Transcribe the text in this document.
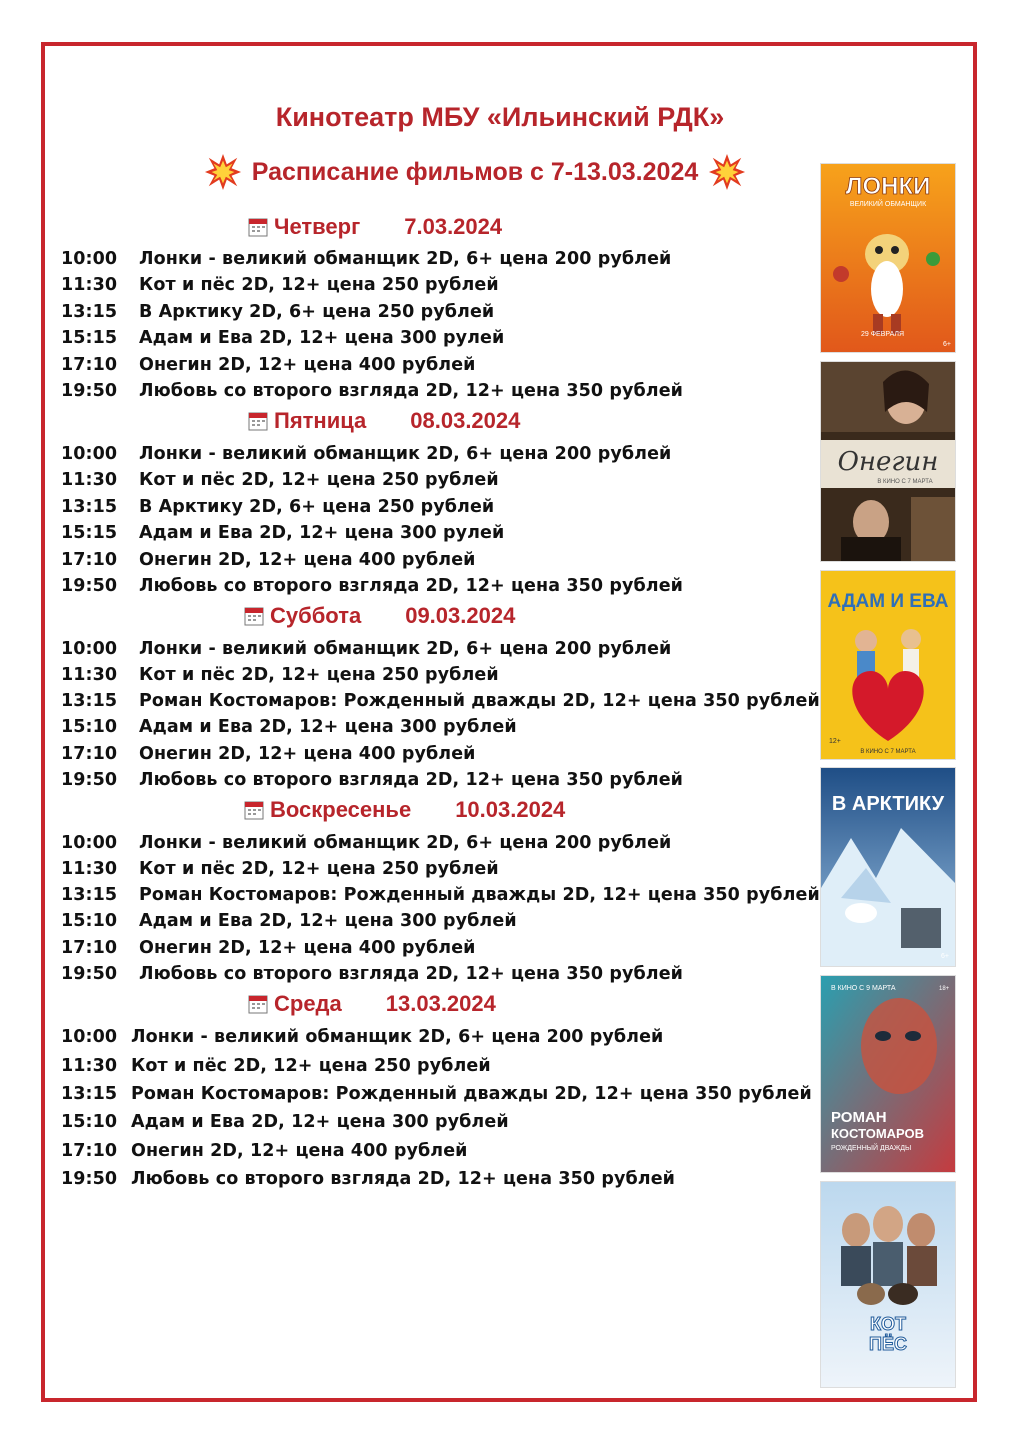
Кинотеатр МБУ «Ильинский РДК»
Расписание фильмов с 7-13.03.2024
Четверг 7.03.2024
10:00	Лонки - великий обманщик 2D, 6+ цена 200 рублей
11:30	Кот и пёс 2D, 12+ цена 250 рублей
13:15	В Арктику 2D, 6+ цена 250 рублей
15:15	Адам и Ева 2D, 12+ цена 300 рулей
17:10	Онегин 2D, 12+ цена 400 рублей
19:50	Любовь со второго взгляда 2D, 12+ цена 350 рублей
Пятница 08.03.2024
10:00	Лонки - великий обманщик 2D, 6+ цена 200 рублей
11:30	Кот и пёс 2D, 12+ цена 250 рублей
13:15	В Арктику 2D, 6+ цена 250 рублей
15:15	Адам и Ева 2D, 12+ цена 300 рулей
17:10	Онегин 2D, 12+ цена 400 рублей
19:50	Любовь со второго взгляда 2D, 12+ цена 350 рублей
Суббота 09.03.2024
10:00	Лонки - великий обманщик 2D, 6+ цена 200 рублей
11:30	Кот и пёс 2D, 12+ цена 250 рублей
13:15	Роман Костомаров: Рожденный дважды 2D, 12+ цена 350 рублей
15:10	Адам и Ева 2D, 12+ цена 300 рублей
17:10	Онегин 2D, 12+ цена 400 рублей
19:50	Любовь со второго взгляда 2D, 12+ цена 350 рублей
Воскресенье 10.03.2024
10:00	Лонки - великий обманщик 2D, 6+ цена 200 рублей
11:30	Кот и пёс 2D, 12+ цена 250 рублей
13:15	Роман Костомаров: Рожденный дважды 2D, 12+ цена 350 рублей
15:10	Адам и Ева 2D, 12+ цена 300 рублей
17:10	Онегин 2D, 12+ цена 400 рублей
19:50	Любовь со второго взгляда 2D, 12+ цена 350 рублей
Среда 13.03.2024
10:00 Лонки - великий обманщик 2D, 6+ цена 200 рублей
11:30 Кот и пёс 2D, 12+ цена 250 рублей
13:15 Роман Костомаров: Рожденный дважды 2D, 12+ цена 350 рублей
15:10 Адам и Ева 2D, 12+ цена 300 рублей
17:10 Онегин 2D, 12+ цена 400 рублей
19:50 Любовь со второго взгляда 2D, 12+ цена 350 рублей
ЛОНКИ
ВЕЛИКИЙ ОБМАНЩИК
29 ФЕВРАЛЯ
6+
Онегин
В КИНО С 7 МАРТА
АДАМ И ЕВА
В КИНО С 7 МАРТА
12+
В АРКТИКУ
6+
В КИНО С 9 МАРТА	18+
РОМАН
КОСТОМАРОВ
РОЖДЕННЫЙ ДВАЖДЫ
КОТ
ПЁС
